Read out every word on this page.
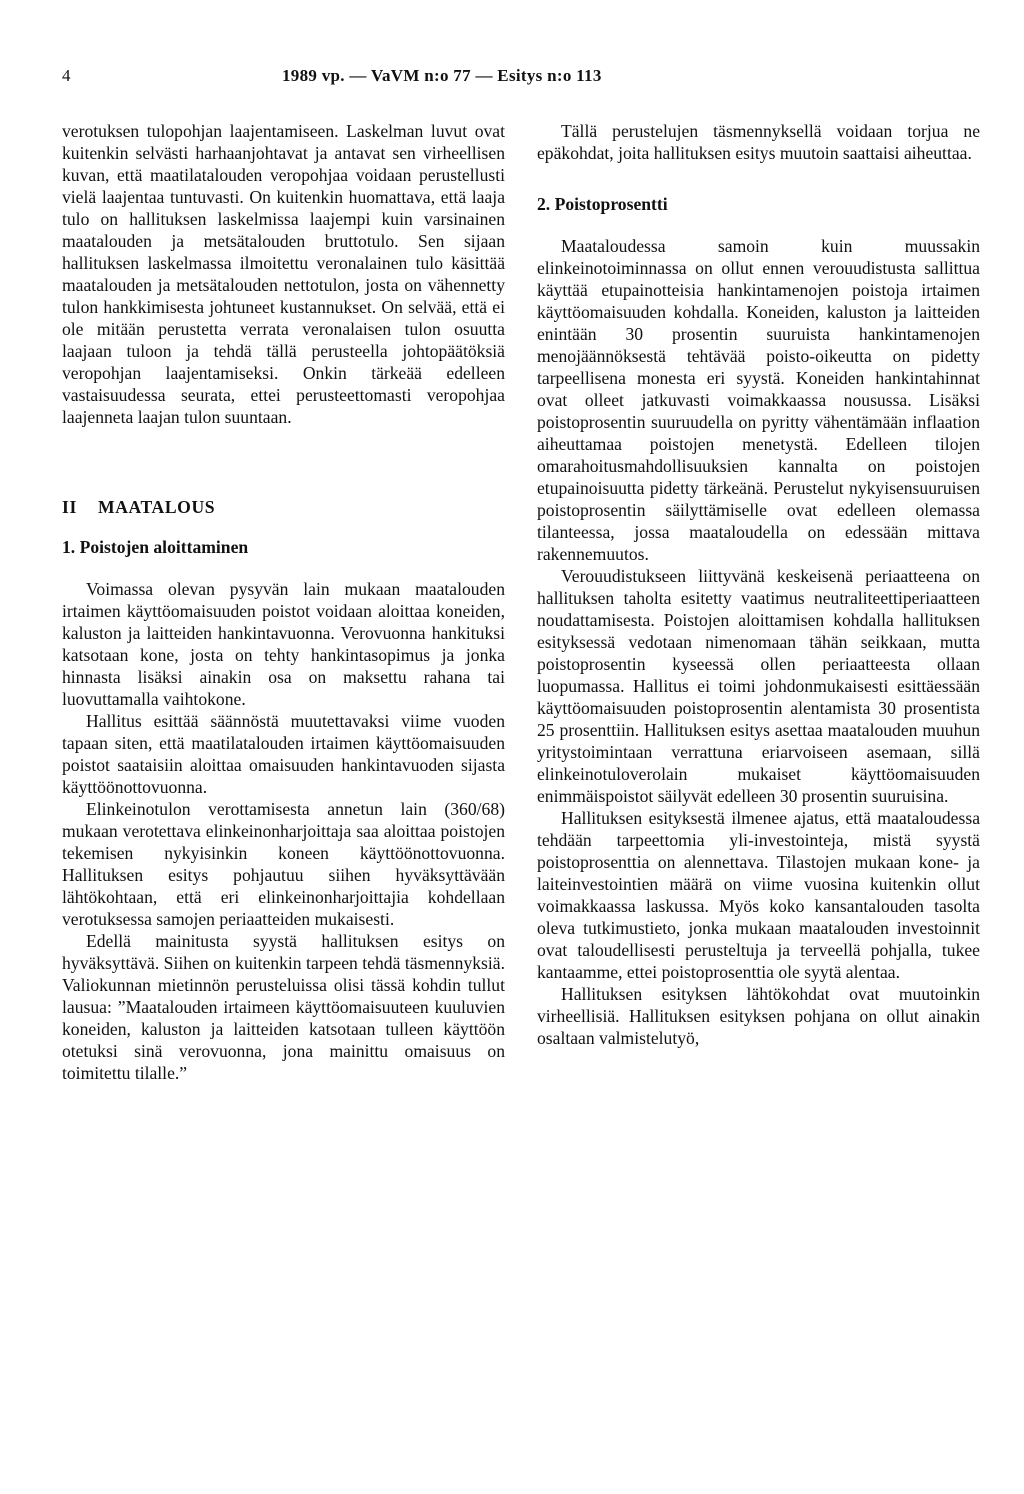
4	1989 vp. — VaVM n:o 77 — Esitys n:o 113

verotuksen tulopohjan laajentamiseen. Laskelman luvut ovat kuitenkin selvästi harhaanjohtavat ja antavat sen virheellisen kuvan, että maatilatalouden veropohjaa voidaan perustellusti vielä laajentaa tuntuvasti. On kuitenkin huomattava, että laaja tulo on hallituksen laskelmissa laajempi kuin varsinainen maatalouden ja metsätalouden bruttotulo. Sen sijaan hallituksen laskelmassa ilmoitettu veronalainen tulo käsittää maatalouden ja metsätalouden nettotulon, josta on vähennetty tulon hankkimisesta johtuneet kustannukset. On selvää, että ei ole mitään perustetta verrata veronalaisen tulon osuutta laajaan tuloon ja tehdä tällä perusteella johtopäätöksiä veropohjan laajentamiseksi. Onkin tärkeää edelleen vastaisuudessa seurata, ettei perusteettomasti veropohjaa laajenneta laajan tulon suuntaan.

II MAATALOUS
1. Poistojen aloittaminen

Voimassa olevan pysyvän lain mukaan maatalouden irtaimen käyttöomaisuuden poistot voidaan aloittaa koneiden, kaluston ja laitteiden hankintavuonna. Verovuonna hankituksi katsotaan kone, josta on tehty hankintasopimus ja jonka hinnasta lisäksi ainakin osa on maksettu rahana tai luovuttamalla vaihtokone.

Hallitus esittää säännöstä muutettavaksi viime vuoden tapaan siten, että maatilatalouden irtaimen käyttöomaisuuden poistot saataisiin aloittaa omaisuuden hankintavuoden sijasta käyttöönottovuonna.

Elinkeinotulon verottamisesta annetun lain (360/68) mukaan verotettava elinkeinonharjoittaja saa aloittaa poistojen tekemisen nykyisinkin koneen käyttöönottovuonna. Hallituksen esitys pohjautuu siihen hyväksyttävään lähtökohtaan, että eri elinkeinonharjoittajia kohdellaan verotuksessa samojen periaatteiden mukaisesti.

Edellä mainitusta syystä hallituksen esitys on hyväksyttävä. Siihen on kuitenkin tarpeen tehdä täsmennyksiä. Valiokunnan mietinnön perusteluissa olisi tässä kohdin tullut lausua: ”Maatalouden irtaimeen käyttöomaisuuteen kuuluvien koneiden, kaluston ja laitteiden katsotaan tulleen käyttöön otetuksi sinä verovuonna, jona mainittu omaisuus on toimitettu tilalle.”

Tällä perustelujen täsmennyksellä voidaan torjua ne epäkohdat, joita hallituksen esitys muutoin saattaisi aiheuttaa.

2. Poistoprosentti

Maataloudessa samoin kuin muussakin elinkeinotoiminnassa on ollut ennen verouudistusta sallittua käyttää etupainotteisia hankintamenojen poistoja irtaimen käyttöomaisuuden kohdalla. Koneiden, kaluston ja laitteiden enintään 30 prosentin suuruista hankintamenojen menojäännöksestä tehtävää poisto-oikeutta on pidetty tarpeellisena monesta eri syystä. Koneiden hankintahinnat ovat olleet jatkuvasti voimakkaassa nousussa. Lisäksi poistoprosentin suuruudella on pyritty vähentämään inflaation aiheuttamaa poistojen menetystä. Edelleen tilojen omarahoitusmahdollisuuksien kannalta on poistojen etupainoisuutta pidetty tärkeänä. Perustelut nykyisensuuruisen poistoprosentin säilyttämiselle ovat edelleen olemassa tilanteessa, jossa maataloudella on edessään mittava rakennemuutos.

Verouudistukseen liittyvänä keskeisenä periaatteena on hallituksen taholta esitetty vaatimus neutraliteettiperiaatteen noudattamisesta. Poistojen aloittamisen kohdalla hallituksen esityksessä vedotaan nimenomaan tähän seikkaan, mutta poistoprosentin kyseessä ollen periaatteesta ollaan luopumassa. Hallitus ei toimi johdonmukaisesti esittäessään käyttöomaisuuden poistoprosentin alentamista 30 prosentista 25 prosenttiin. Hallituksen esitys asettaa maatalouden muuhun yritystoimintaan verrattuna eriarvoiseen asemaan, sillä elinkeinotuloverolain mukaiset käyttöomaisuuden enimmäispoistot säilyvät edelleen 30 prosentin suuruisina.

Hallituksen esityksestä ilmenee ajatus, että maataloudessa tehdään tarpeettomia yli-investointeja, mistä syystä poistoprosenttia on alennettava. Tilastojen mukaan kone- ja laiteinvestointien määrä on viime vuosina kuitenkin ollut voimakkaassa laskussa. Myös koko kansantalouden tasolta oleva tutkimustieto, jonka mukaan maatalouden investoinnit ovat taloudellisesti perusteltuja ja terveellä pohjalla, tukee kantaamme, ettei poistoprosenttia ole syytä alentaa.

Hallituksen esityksen lähtökohdat ovat muutoinkin virheellisiä. Hallituksen esityksen pohjana on ollut ainakin osaltaan valmistelutyö,
